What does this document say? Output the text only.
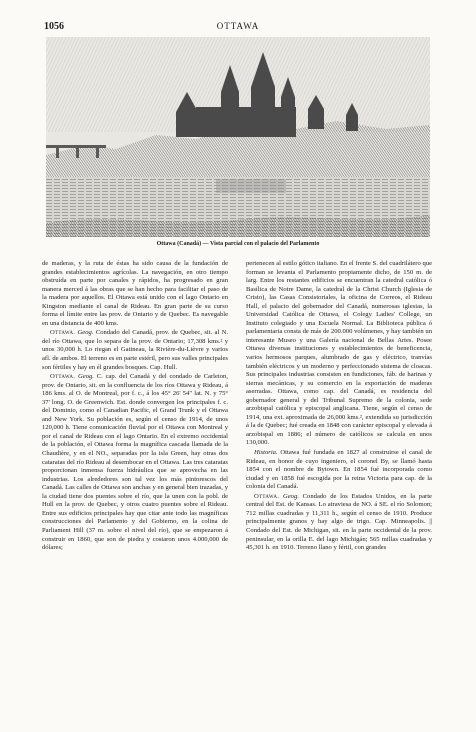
1056	OTTAWA
Ottawa (Canadá) — Vista parcial con el palacio del Parlamento

de maderas, y la ruta de éstas ha sido causa de la fundación de grandes establecimientos agrícolas. La navegación, en otro tiempo obstruída en parte por canales y rápidos, ha progresado en gran manera merced á las obras que se han hecho para facilitar el paso de la madera por aquellos. El Ottawa está unido con el lago Ontario en Kingston mediante el canal de Rideau. En gran parte de su curso forma el límite entre las prov. de Ontario y de Quebec. Es navegable en una distancia de 400 kms.

Ottawa. Geog. Condado del Canadá, prov. de Quebec, sit. al N. del río Ottawa, que lo separa de la prov. de Ontario; 17,308 kms.² y unos 30,000 h. Lo riegan el Gatineau, la Rivière-du-Lièvre y varios afl. de ambos. El terreno es en parte estéril, pero sus valles principales son fértiles y hay en él grandes bosques. Cap. Hull.

Ottawa. Geog. C. cap. del Canadá y del condado de Carleton, prov. de Ontario, sit. en la confluencia de los ríos Ottawa y Rideau, á 186 kms. al O. de Montreal, por f. c., á los 45° 26' 54" lat. N. y 75° 37' long. O. de Greenwich. Est. donde convergen los principales f. c. del Dominio, como el Canadian Pacific, el Grand Trunk y el Ottawa and New York. Su población es, según el censo de 1914, de unos 120,000 h. Tiene comunicación fluvial por el Ottawa con Montreal y por el canal de Rideau con el lago Ontario. En el extremo occidental de la población, el Ottawa forma la magnífica cascada llamada de la Chaudière, y en el NO., separadas por la isla Green, hay otras dos cataratas del río Rideau al desembocar en el Ottawa. Las tres cataratas proporcionan inmensa fuerza hidráulica que se aprovecha en las industrias. Los alrededores son tal vez los más pintorescos del Canadá. Las calles de Ottawa son anchas y en general bien trazadas, y la ciudad tiene dos puentes sobre el río, que la unen con la pobl. de Hull en la prov. de Quebec, y otros cuatro puentes sobre el Rideau. Entre sus edificios principales hay que citar ante todo las magníficas construcciones del Parlamento y del Gobierno, en la colina de Parliament Hill (37 m. sobre el nivel del río), que se empezaron á construir en 1860, que son de piedra y costaron unos 4.000,000 de dólares;

pertenecen al estilo gótico italiano. En el frente S. del cuadrilátero que forman se levanta el Parlamento propiamente dicho, de 150 m. de larg. Entre los restantes edificios se encuentran la catedral católica ó Basílica de Notre Dame, la catedral de la Christ Church (Iglesia de Cristo), las Casas Consistoriales, la oficina de Correos, el Rideau Hall, el palacio del gobernador del Canadá, numerosas iglesias, la Universidad Católica de Ottawa, el Colegy Ladies' College, un Instituto colegiado y una Escuela Normal. La Biblioteca pública ó parlamentaria consta de más de 200.000 volúmenes, y hay también un interesante Museo y una Galería nacional de Bellas Artes. Posee Ottawa diversas instituciones y establecimientos de beneficencia, varios hermosos parques, alumbrado de gas y eléctrico, tranvías también eléctricos y un moderno y perfeccionado sistema de cloacas. Sus principales industrias consisten en fundiciones, fáb. de harinas y sierras mecánicas, y su comercio en la exportación de maderas aserradas. Ottawa, como cap. del Canadá, es residencia del gobernador general y del Tribunal Supremo de la colonia, sede arzobispal católica y episcopal anglicana. Tiene, según el censo de 1914, una ext. aproximada de 26,000 kms.², extendida su jurisdicción á la de Quebec; fué creada en 1848 con carácter episcopal y elevada á arzobispal en 1886; el número de católicos se calcula en unos 130,000.

Historia. Ottawa fué fundada en 1827 al construirse el canal de Rideau, en honor de cuyo ingeniero, el coronel By, se llamó hasta 1854 con el nombre de Bytown. En 1854 fué incorporada como ciudad y en 1858 fué escogida por la reina Victoria para cap. de la colonia del Canadá.

Ottawa. Geog. Condado de los Estados Unidos, en la parte central del Est. de Kansas. Lo atraviesa de NO. á SE. el río Solomon; 712 millas cuadradas y 11,311 h., según el censo de 1910. Produce principalmente granos y hay algo de trigo. Cap. Minneapolis. || Condado del Est. de Michigan, sit. en la parte occidental de la prov. peninsular, en la orilla E. del lago Michigán; 565 millas cuadradas y 45,301 h. en 1910. Terreno llano y fértil, con grandes
